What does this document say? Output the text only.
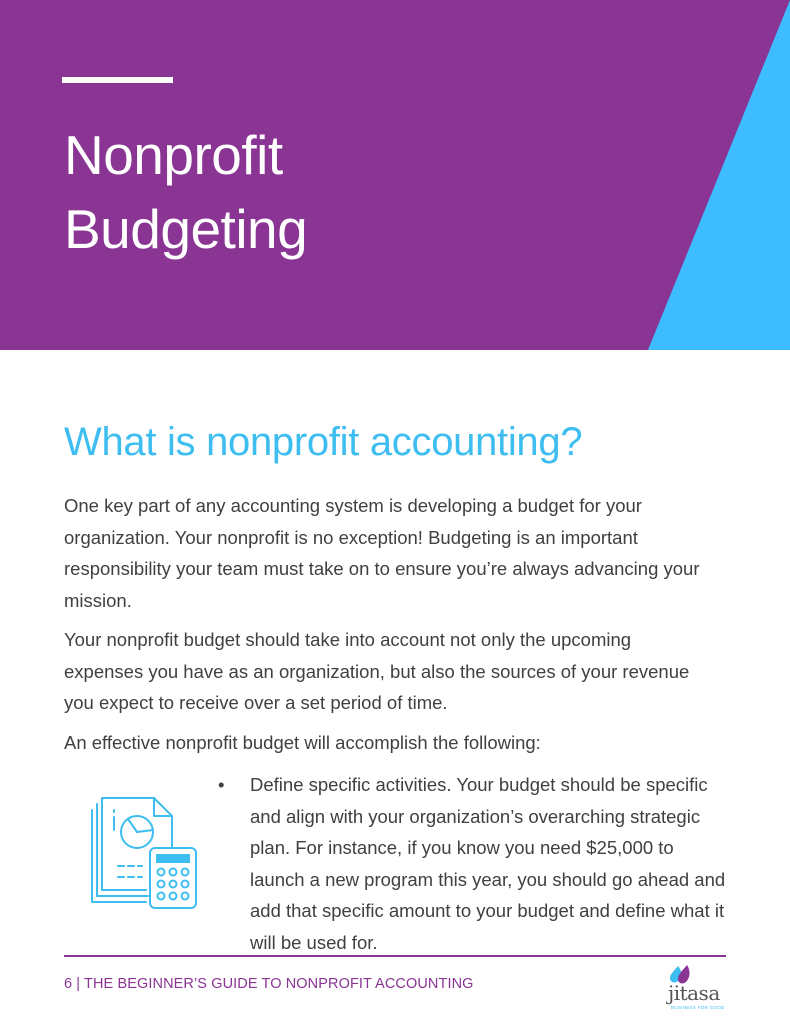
Nonprofit
Budgeting
What is nonprofit accounting?

One key part of any accounting system is developing a budget for your organization. Your nonprofit is no exception! Budgeting is an important responsibility your team must take on to ensure you’re always advancing your mission.

Your nonprofit budget should take into account not only the upcoming expenses you have as an organization, but also the sources of your revenue you expect to receive over a set period of time.

An effective nonprofit budget will accomplish the following:

• Define specific activities. Your budget should be specific and align with your organization’s overarching strategic plan. For instance, if you know you need $25,000 to launch a new program this year, you should go ahead and add that specific amount to your budget and define what it will be used for.
6 | THE BEGINNER’S GUIDE TO NONPROFIT ACCOUNTING	jitasa
BUSINESS FOR GOOD
